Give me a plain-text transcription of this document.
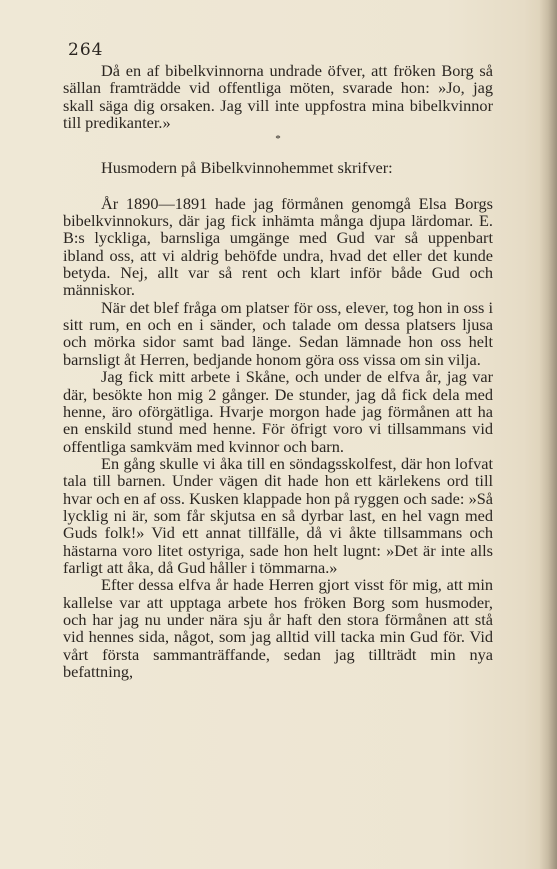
264

Då en af bibelkvinnorna undrade öfver, att fröken Borg så sällan framträdde vid offentliga möten, svarade hon: »Jo, jag skall säga dig orsaken. Jag vill inte uppfostra mina bibelkvinnor till predikanter.»

*

Husmodern på Bibelkvinnohemmet skrifver:

År 1890—1891 hade jag förmånen genomgå Elsa Borgs bibelkvinnokurs, där jag fick inhämta många djupa lärdomar. E. B:s lyckliga, barnsliga umgänge med Gud var så uppenbart ibland oss, att vi aldrig behöfde undra, hvad det eller det kunde betyda. Nej, allt var så rent och klart inför både Gud och människor.

När det blef fråga om platser för oss, elever, tog hon in oss i sitt rum, en och en i sänder, och talade om dessa platsers ljusa och mörka sidor samt bad länge. Sedan lämnade hon oss helt barnsligt åt Herren, bedjande honom göra oss vissa om sin vilja.

Jag fick mitt arbete i Skåne, och under de elfva år, jag var där, besökte hon mig 2 gånger. De stunder, jag då fick dela med henne, äro oförgätliga. Hvarje morgon hade jag förmånen att ha en enskild stund med henne. För öfrigt voro vi tillsammans vid offentliga samkväm med kvinnor och barn.

En gång skulle vi åka till en söndagsskolfest, där hon lofvat tala till barnen. Under vägen dit hade hon ett kärlekens ord till hvar och en af oss. Kusken klappade hon på ryggen och sade: »Så lycklig ni är, som får skjutsa en så dyrbar last, en hel vagn med Guds folk!» Vid ett annat tillfälle, då vi åkte tillsammans och hästarna voro litet ostyriga, sade hon helt lugnt: »Det är inte alls farligt att åka, då Gud håller i tömmarna.»

Efter dessa elfva år hade Herren gjort visst för mig, att min kallelse var att upptaga arbete hos fröken Borg som husmoder, och har jag nu under nära sju år haft den stora förmånen att stå vid hennes sida, något, som jag alltid vill tacka min Gud för. Vid vårt första sammanträffande, sedan jag tillträdt min nya befattning,
